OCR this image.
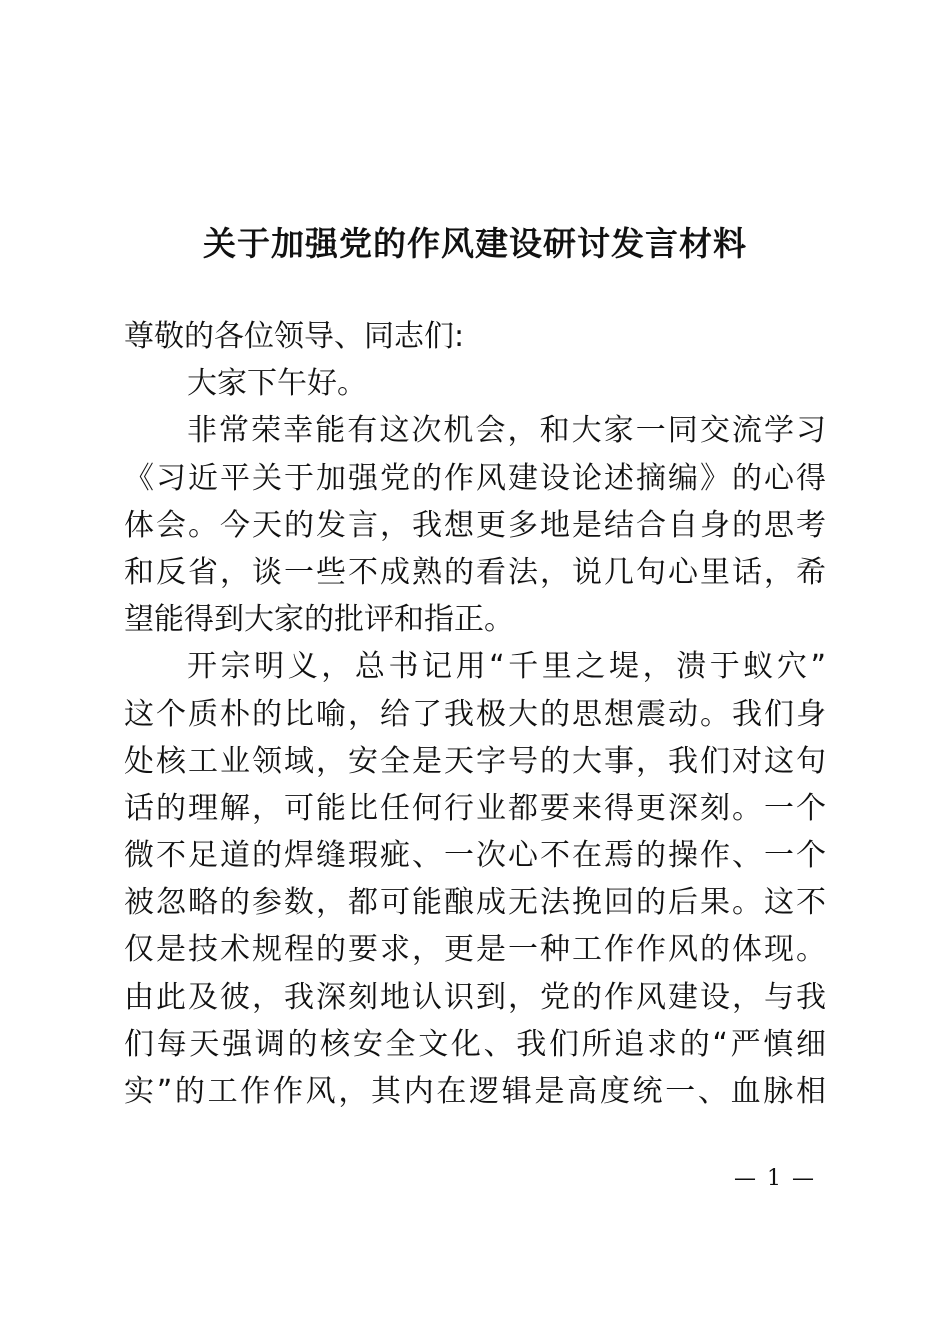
关于加强党的作风建设研讨发言材料
尊敬的各位领导、同志们:
大家下午好。
非常荣幸能有这次机会，和大家一同交流学习
《习近平关于加强党的作风建设论述摘编》的心得
体会。今天的发言，我想更多地是结合自身的思考
和反省，谈一些不成熟的看法，说几句心里话，希
望能得到大家的批评和指正。
开宗明义，总书记用“千里之堤，溃于蚁穴”
这个质朴的比喻，给了我极大的思想震动。我们身
处核工业领域，安全是天字号的大事，我们对这句
话的理解，可能比任何行业都要来得更深刻。一个
微不足道的焊缝瑕疵、一次心不在焉的操作、一个
被忽略的参数，都可能酿成无法挽回的后果。这不
仅是技术规程的要求，更是一种工作作风的体现。
由此及彼，我深刻地认识到，党的作风建设，与我
们每天强调的核安全文化、我们所追求的“严慎细
实”的工作作风，其内在逻辑是高度统一、血脉相
— 1 —
